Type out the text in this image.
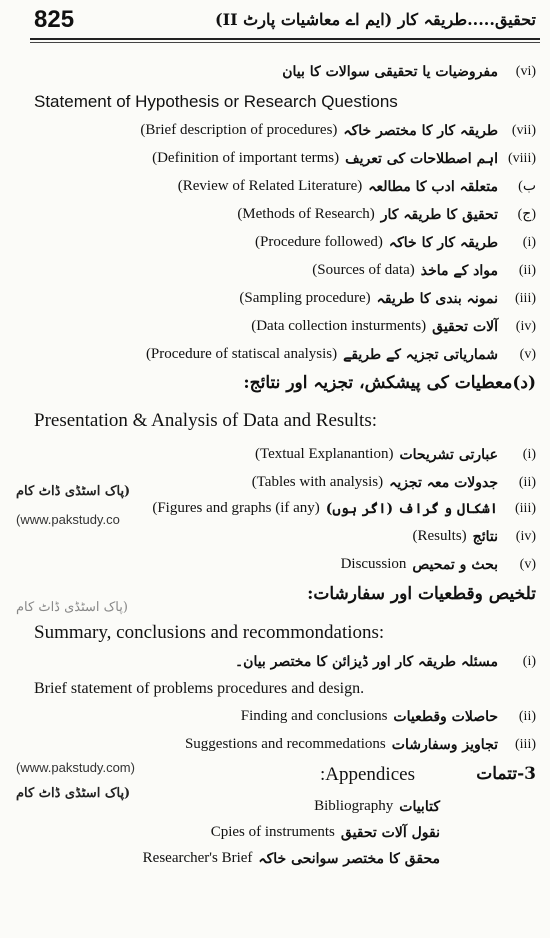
825	تحقیق.....طریقہ کار (ایم اے معاشیات پارٹ II)
مفروضیات یا تحقیقی سوالات کا بیان	(vi)
Statement of Hypothesis or Research Questions
(Brief description of procedures) طریقہ کار کا مختصر خاکہ (vii)
(Definition of important terms) اہم اصطلاحات کی تعریف (viii)
(Review of Related Literature) متعلقہ ادب کا مطالعہ	(ب
(Methods of Research) تحقیق کا طریقہ کار	(ج)
(Procedure followed) طریقہ کار کا خاکہ	(i)
(Sources of data) مواد کے ماخذ	(ii)
(Sampling procedure) نمونہ بندی کا طریقہ	(iii)
(Data collection insturments) آلات تحقیق	(iv)
(Procedure of statiscal analysis) شماریاتی تجزیہ کے طریقے	(v)
(د)معطیات کی پیشکش، تجزیہ اور نتائج:
Presentation & Analysis of Data and Results:
(Textual Explanantion) عبارتی تشریحات	(i)
(Tables with analysis) جدولات معہ تجزیہ	(ii)
(Figures and graphs (if any) اشکال و گراف (اگر ہوں)	(iii)
(Results) نتائج	(iv)
Discussion بحث و تمحیص	(v)
(پاک اسٹڈی ڈاٹ کام
(www.pakstudy.co
تلخیص وقطعیات اور سفارشات:
Summary, conclusions and recommondations:
مسئلہ طریقہ کار اور ڈیزائن کا مختصر بیان۔	(i)
Brief statement of problems procedures and design.
Finding and conclusions حاصلات وقطعیات	(ii)
Suggestions and recommedations تجاویز وسفارشات	(iii)
(www.pakstudy.com)
(پاک اسٹڈی ڈاٹ کام
:Appendices	3-تتمات
Bibliography کتابیات
Cpies of instruments نقول آلات تحقیق
Researcher's Brief محقق کا مختصر سوانحی خاکہ
(پاک اسٹڈی ڈاٹ کام
